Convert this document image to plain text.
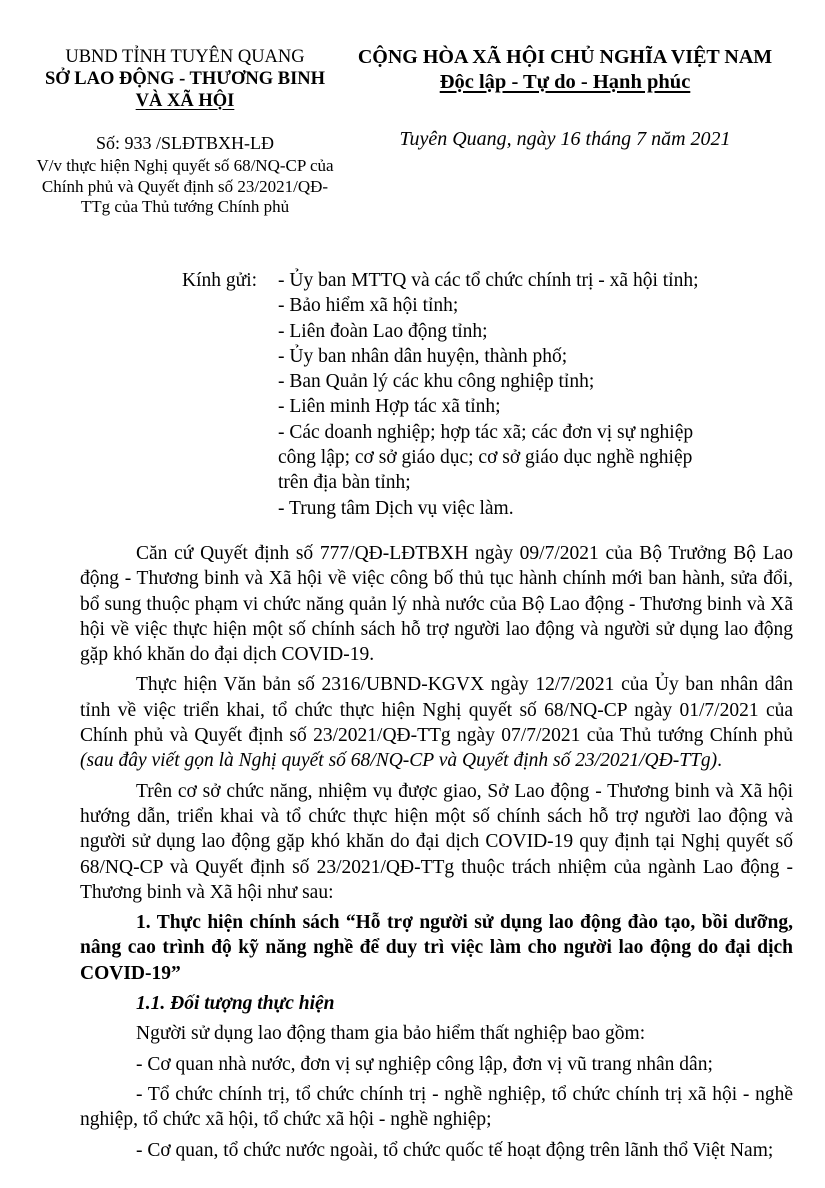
UBND TỈNH TUYÊN QUANG
SỞ LAO ĐỘNG - THƯƠNG BINH
VÀ XÃ HỘI
Số: 933 /SLĐTBXH-LĐ
V/v thực hiện Nghị quyết số 68/NQ-CP của
Chính phủ và Quyết định số 23/2021/QĐ-
TTg của Thủ tướng Chính phủ
CỘNG HÒA XÃ HỘI CHỦ NGHĨA VIỆT NAM
Độc lập - Tự do - Hạnh phúc
Tuyên Quang, ngày 16 tháng 7 năm 2021
Kính gửi:	- Ủy ban MTTQ và các tổ chức chính trị - xã hội tỉnh;
- Bảo hiểm xã hội tỉnh;
- Liên đoàn Lao động tỉnh;
- Ủy ban nhân dân huyện, thành phố;
- Ban Quản lý các khu công nghiệp tỉnh;
- Liên minh Hợp tác xã tỉnh;
- Các doanh nghiệp; hợp tác xã; các đơn vị sự nghiệp
công lập; cơ sở giáo dục; cơ sở giáo dục nghề nghiệp
trên địa bàn tỉnh;
- Trung tâm Dịch vụ việc làm.

Căn cứ Quyết định số 777/QĐ-LĐTBXH ngày 09/7/2021 của Bộ Trưởng Bộ Lao động - Thương binh và Xã hội về việc công bố thủ tục hành chính mới ban hành, sửa đổi, bổ sung thuộc phạm vi chức năng quản lý nhà nước của Bộ Lao động - Thương binh và Xã hội về việc thực hiện một số chính sách hỗ trợ người lao động và người sử dụng lao động gặp khó khăn do đại dịch COVID-19.

Thực hiện Văn bản số 2316/UBND-KGVX ngày 12/7/2021 của Ủy ban nhân dân tỉnh về việc triển khai, tổ chức thực hiện Nghị quyết số 68/NQ-CP ngày 01/7/2021 của Chính phủ và Quyết định số 23/2021/QĐ-TTg ngày 07/7/2021 của Thủ tướng Chính phủ (sau đây viết gọn là Nghị quyết số 68/NQ-CP và Quyết định số 23/2021/QĐ-TTg).

Trên cơ sở chức năng, nhiệm vụ được giao, Sở Lao động - Thương binh và Xã hội hướng dẫn, triển khai và tổ chức thực hiện một số chính sách hỗ trợ người lao động và người sử dụng lao động gặp khó khăn do đại dịch COVID-19 quy định tại Nghị quyết số 68/NQ-CP và Quyết định số 23/2021/QĐ-TTg thuộc trách nhiệm của ngành Lao động - Thương binh và Xã hội như sau:

1. Thực hiện chính sách “Hỗ trợ người sử dụng lao động đào tạo, bồi dưỡng, nâng cao trình độ kỹ năng nghề để duy trì việc làm cho người lao động do đại dịch COVID-19”

1.1. Đối tượng thực hiện

Người sử dụng lao động tham gia bảo hiểm thất nghiệp bao gồm:

- Cơ quan nhà nước, đơn vị sự nghiệp công lập, đơn vị vũ trang nhân dân;

- Tổ chức chính trị, tổ chức chính trị - nghề nghiệp, tổ chức chính trị xã hội - nghề nghiệp, tổ chức xã hội, tổ chức xã hội - nghề nghiệp;

- Cơ quan, tổ chức nước ngoài, tổ chức quốc tế hoạt động trên lãnh thổ Việt Nam;
